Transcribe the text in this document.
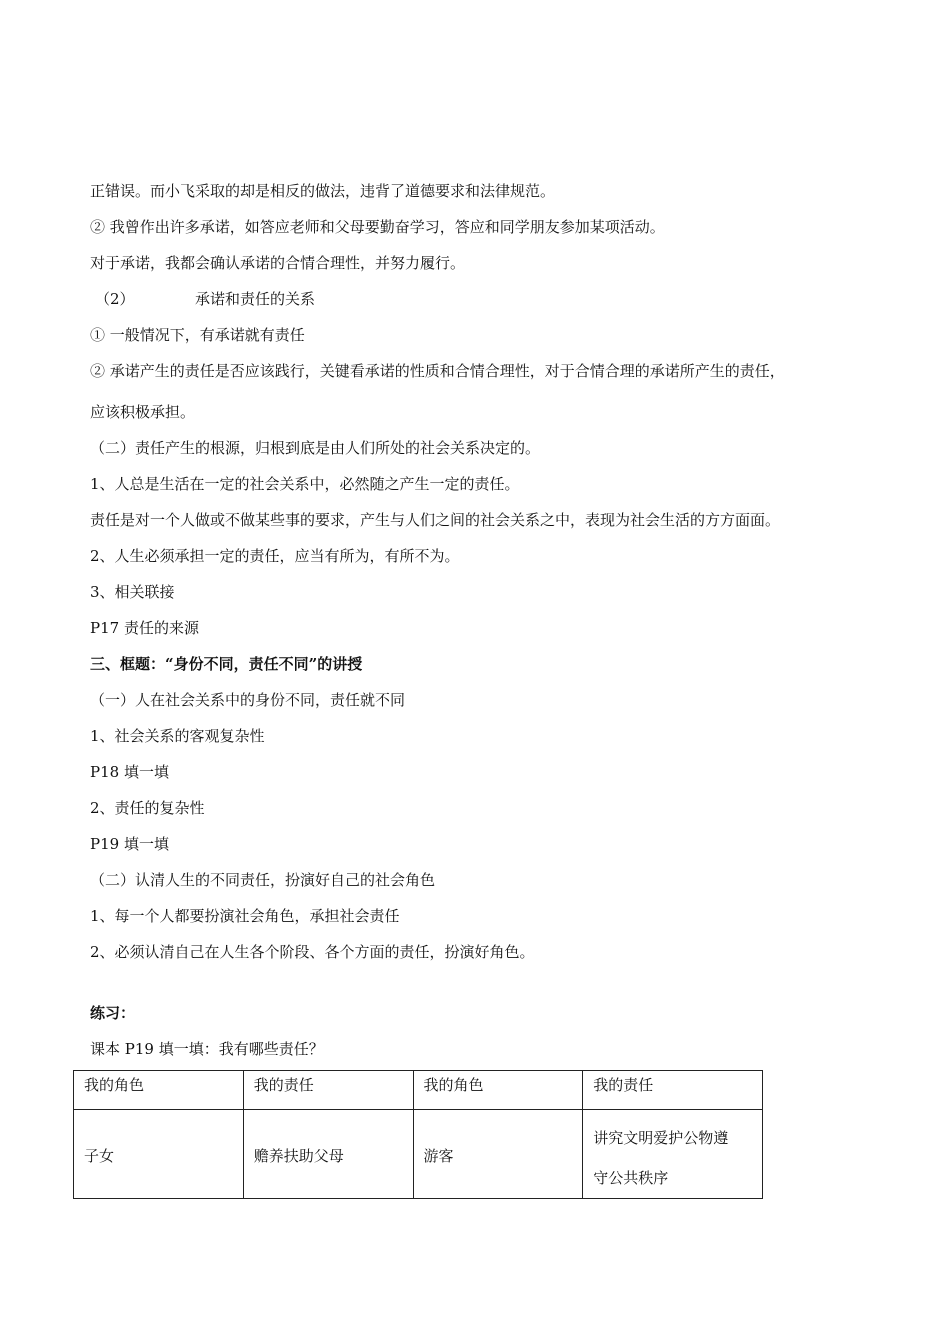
正错误。而小飞采取的却是相反的做法，违背了道德要求和法律规范。
② 我曾作出许多承诺，如答应老师和父母要勤奋学习，答应和同学朋友参加某项活动。
对于承诺，我都会确认承诺的合情合理性，并努力履行。
（2）	承诺和责任的关系
① 一般情况下，有承诺就有责任
② 承诺产生的责任是否应该践行，关键看承诺的性质和合情合理性，对于合情合理的承诺所产生的责任，
应该积极承担。
（二）责任产生的根源，归根到底是由人们所处的社会关系决定的。
1、人总是生活在一定的社会关系中，必然随之产生一定的责任。
责任是对一个人做或不做某些事的要求，产生与人们之间的社会关系之中，表现为社会生活的方方面面。
2、人生必须承担一定的责任，应当有所为，有所不为。
3、相关联接
P17 责任的来源
三、框题：“身份不同，责任不同”的讲授
（一）人在社会关系中的身份不同，责任就不同
1、社会关系的客观复杂性
P18 填一填
2、责任的复杂性
P19 填一填
（二）认清人生的不同责任，扮演好自己的社会角色
1、每一个人都要扮演社会角色，承担社会责任
2、必须认清自己在人生各个阶段、各个方面的责任，扮演好角色。
练习：
课本 P19 填一填：我有哪些责任？
我的角色	我的责任	我的角色	我的责任
子女	赡养扶助父母	游客	讲究文明爱护公物遵
守公共秩序
